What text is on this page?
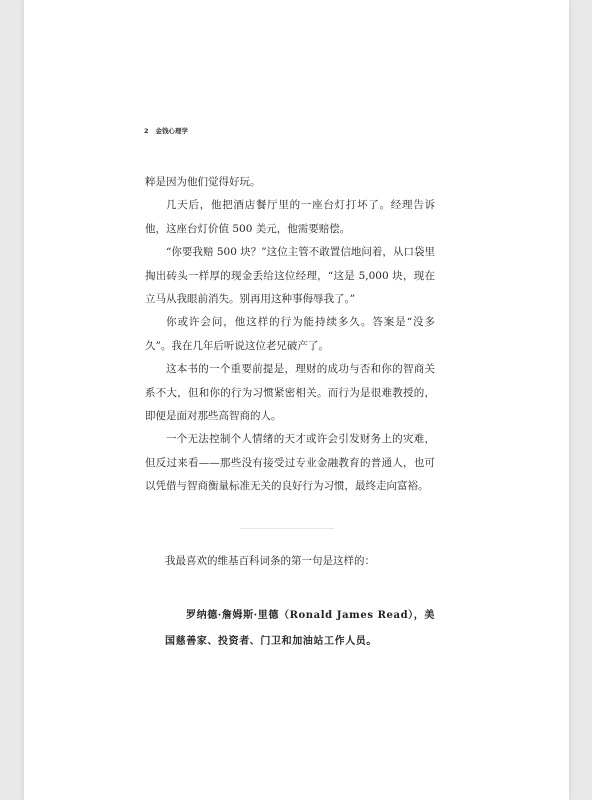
2 金钱心理学

粹是因为他们觉得好玩。

几天后，他把酒店餐厅里的一座台灯打坏了。经理告诉他，这座台灯价值 500 美元，他需要赔偿。

“你要我赔 500 块？”这位主管不敢置信地问着，从口袋里掏出砖头一样厚的现金丢给这位经理，“这是 5,000 块，现在立马从我眼前消失。别再用这种事侮辱我了。”

你或许会问，他这样的行为能持续多久。答案是“没多久”。我在几年后听说这位老兄破产了。

这本书的一个重要前提是，理财的成功与否和你的智商关系不大，但和你的行为习惯紧密相关。而行为是很难教授的，即便是面对那些高智商的人。

一个无法控制个人情绪的天才或许会引发财务上的灾难，但反过来看——那些没有接受过专业金融教育的普通人，也可以凭借与智商衡量标准无关的良好行为习惯，最终走向富裕。

我最喜欢的维基百科词条的第一句是这样的：

罗纳德·詹姆斯·里德（Ronald James Read），美国慈善家、投资者、门卫和加油站工作人员。
